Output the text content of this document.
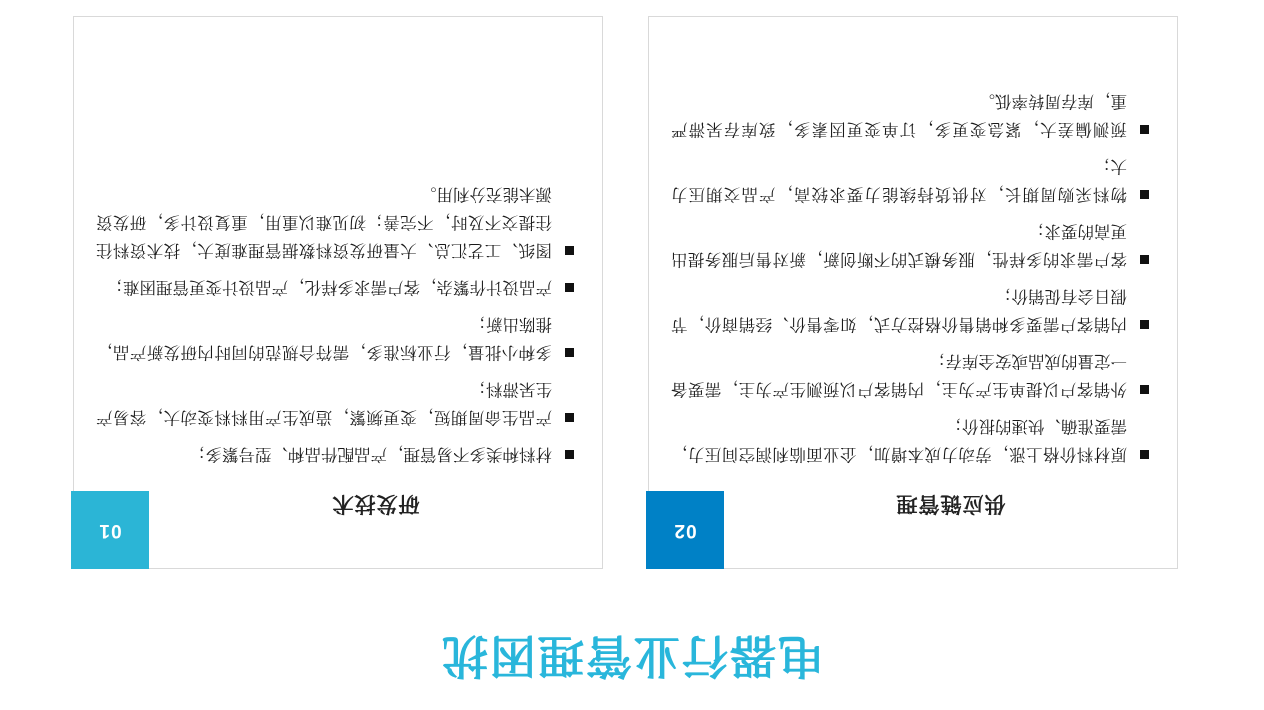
电器行业管理困扰
01
研发技术
材料种类多不易管理，产品配件品种、型号繁多；
产品生命周期短，变更频繁，造成生产用料料变动大，容易产生呆滞料；
多种小批量，行业标准多，需符合规范的同时内研发新产品，推陈出新；
产品设计作繁杂，客户需求多样化，产品设计变更管理困难；
图纸、工艺汇总、大量研发资料数据管理难度大，技术资料往往提交不及时，不完善；初见难以重用，重复设计多，研发资源未能充分利用。
02
供应链管理
原材料价格上涨，劳动力成本增加，企业面临利润空间压力，需要准确、快速的报价；
外销客户以提单生产为主，内销客户以预测生产为主，需要备一定量的成品或安全库存；
内销客户需要多种销售价格控方式，如零售价、经销商价，节假日会有促销价；
客户需求的多样性，服务模式的不断创新，新对售后服务提出更高的要求；
物料采购周期长，对供货持续能力要求较高，产品交期压力大；
预测偏差大，紧急变更多，订单变更因素多，致库存呆滞严重，库存周转率低。
